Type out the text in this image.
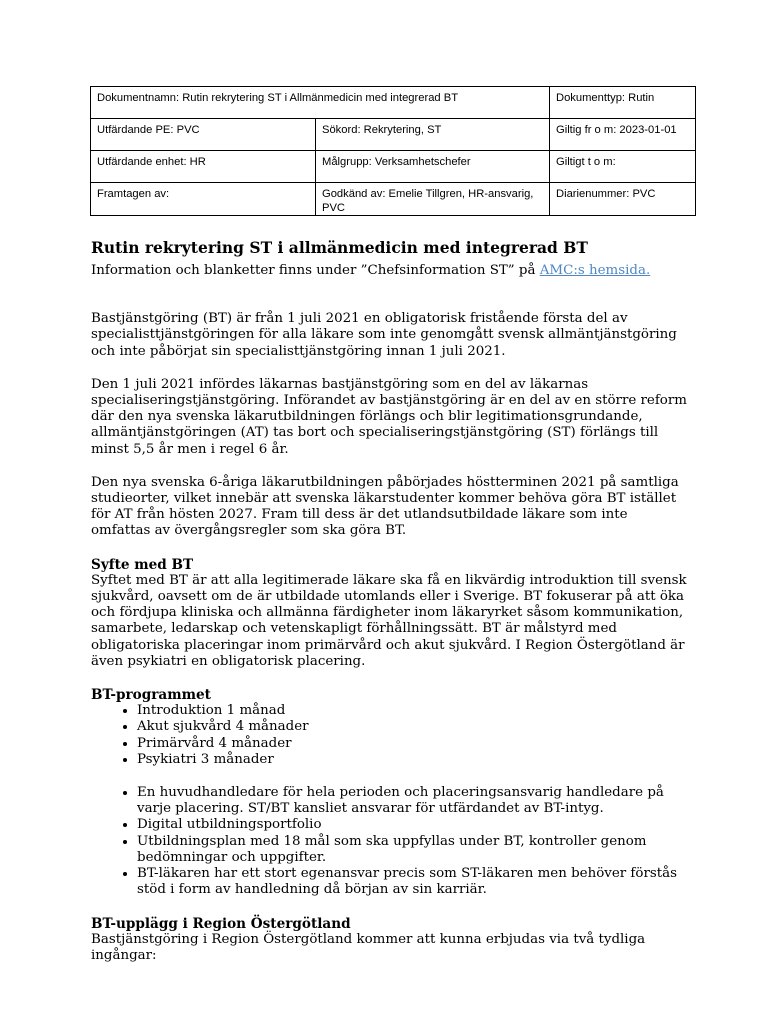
Dokumentnamn: Rutin rekrytering ST i Allmänmedicin med integrerad BT		Dokumenttyp: Rutin
Utfärdande PE: PVC	Sökord: Rekrytering, ST	Giltig fr o m: 2023-01-01
Utfärdande enhet: HR	Målgrupp: Verksamhetschefer	Giltigt t o m:
Framtagen av:	Godkänd av: Emelie Tillgren, HR-ansvarig, PVC	Diarienummer: PVC
Rutin rekrytering ST i allmänmedicin med integrerad BT

Information och blanketter finns under ”Chefsinformation ST” på AMC:s hemsida.

Bastjänstgöring (BT) är från 1 juli 2021 en obligatorisk fristående första del av specialisttjänstgöringen för alla läkare som inte genomgått svensk allmäntjänstgöring och inte påbörjat sin specialisttjänstgöring innan 1 juli 2021.

Den 1 juli 2021 infördes läkarnas bastjänstgöring som en del av läkarnas specialiseringstjänstgöring. Införandet av bastjänstgöring är en del av en större reform där den nya svenska läkarutbildningen förlängs och blir legitimationsgrundande, allmäntjänstgöringen (AT) tas bort och specialiseringstjänstgöring (ST) förlängs till minst 5,5 år men i regel 6 år.

Den nya svenska 6-åriga läkarutbildningen påbörjades höstterminen 2021 på samtliga studieorter, vilket innebär att svenska läkarstudenter kommer behöva göra BT istället för AT från hösten 2027. Fram till dess är det utlandsutbildade läkare som inte omfattas av övergångsregler som ska göra BT.

Syfte med BT

Syftet med BT är att alla legitimerade läkare ska få en likvärdig introduktion till svensk sjukvård, oavsett om de är utbildade utomlands eller i Sverige. BT fokuserar på att öka och fördjupa kliniska och allmänna färdigheter inom läkaryrket såsom kommunikation, samarbete, ledarskap och vetenskapligt förhållningssätt. BT är målstyrd med obligatoriska placeringar inom primärvård och akut sjukvård. I Region Östergötland är även psykiatri en obligatorisk placering.

BT-programmet
• Introduktion 1 månad
• Akut sjukvård 4 månader
• Primärvård 4 månader
• Psykiatri 3 månader
• En huvudhandledare för hela perioden och placeringsansvarig handledare på varje placering. ST/BT kansliet ansvarar för utfärdandet av BT-intyg.
• Digital utbildningsportfolio
• Utbildningsplan med 18 mål som ska uppfyllas under BT, kontroller genom bedömningar och uppgifter.
• BT-läkaren har ett stort egenansvar precis som ST-läkaren men behöver förstås stöd i form av handledning då början av sin karriär.
BT-upplägg i Region Östergötland

Bastjänstgöring i Region Östergötland kommer att kunna erbjudas via två tydliga ingångar:
